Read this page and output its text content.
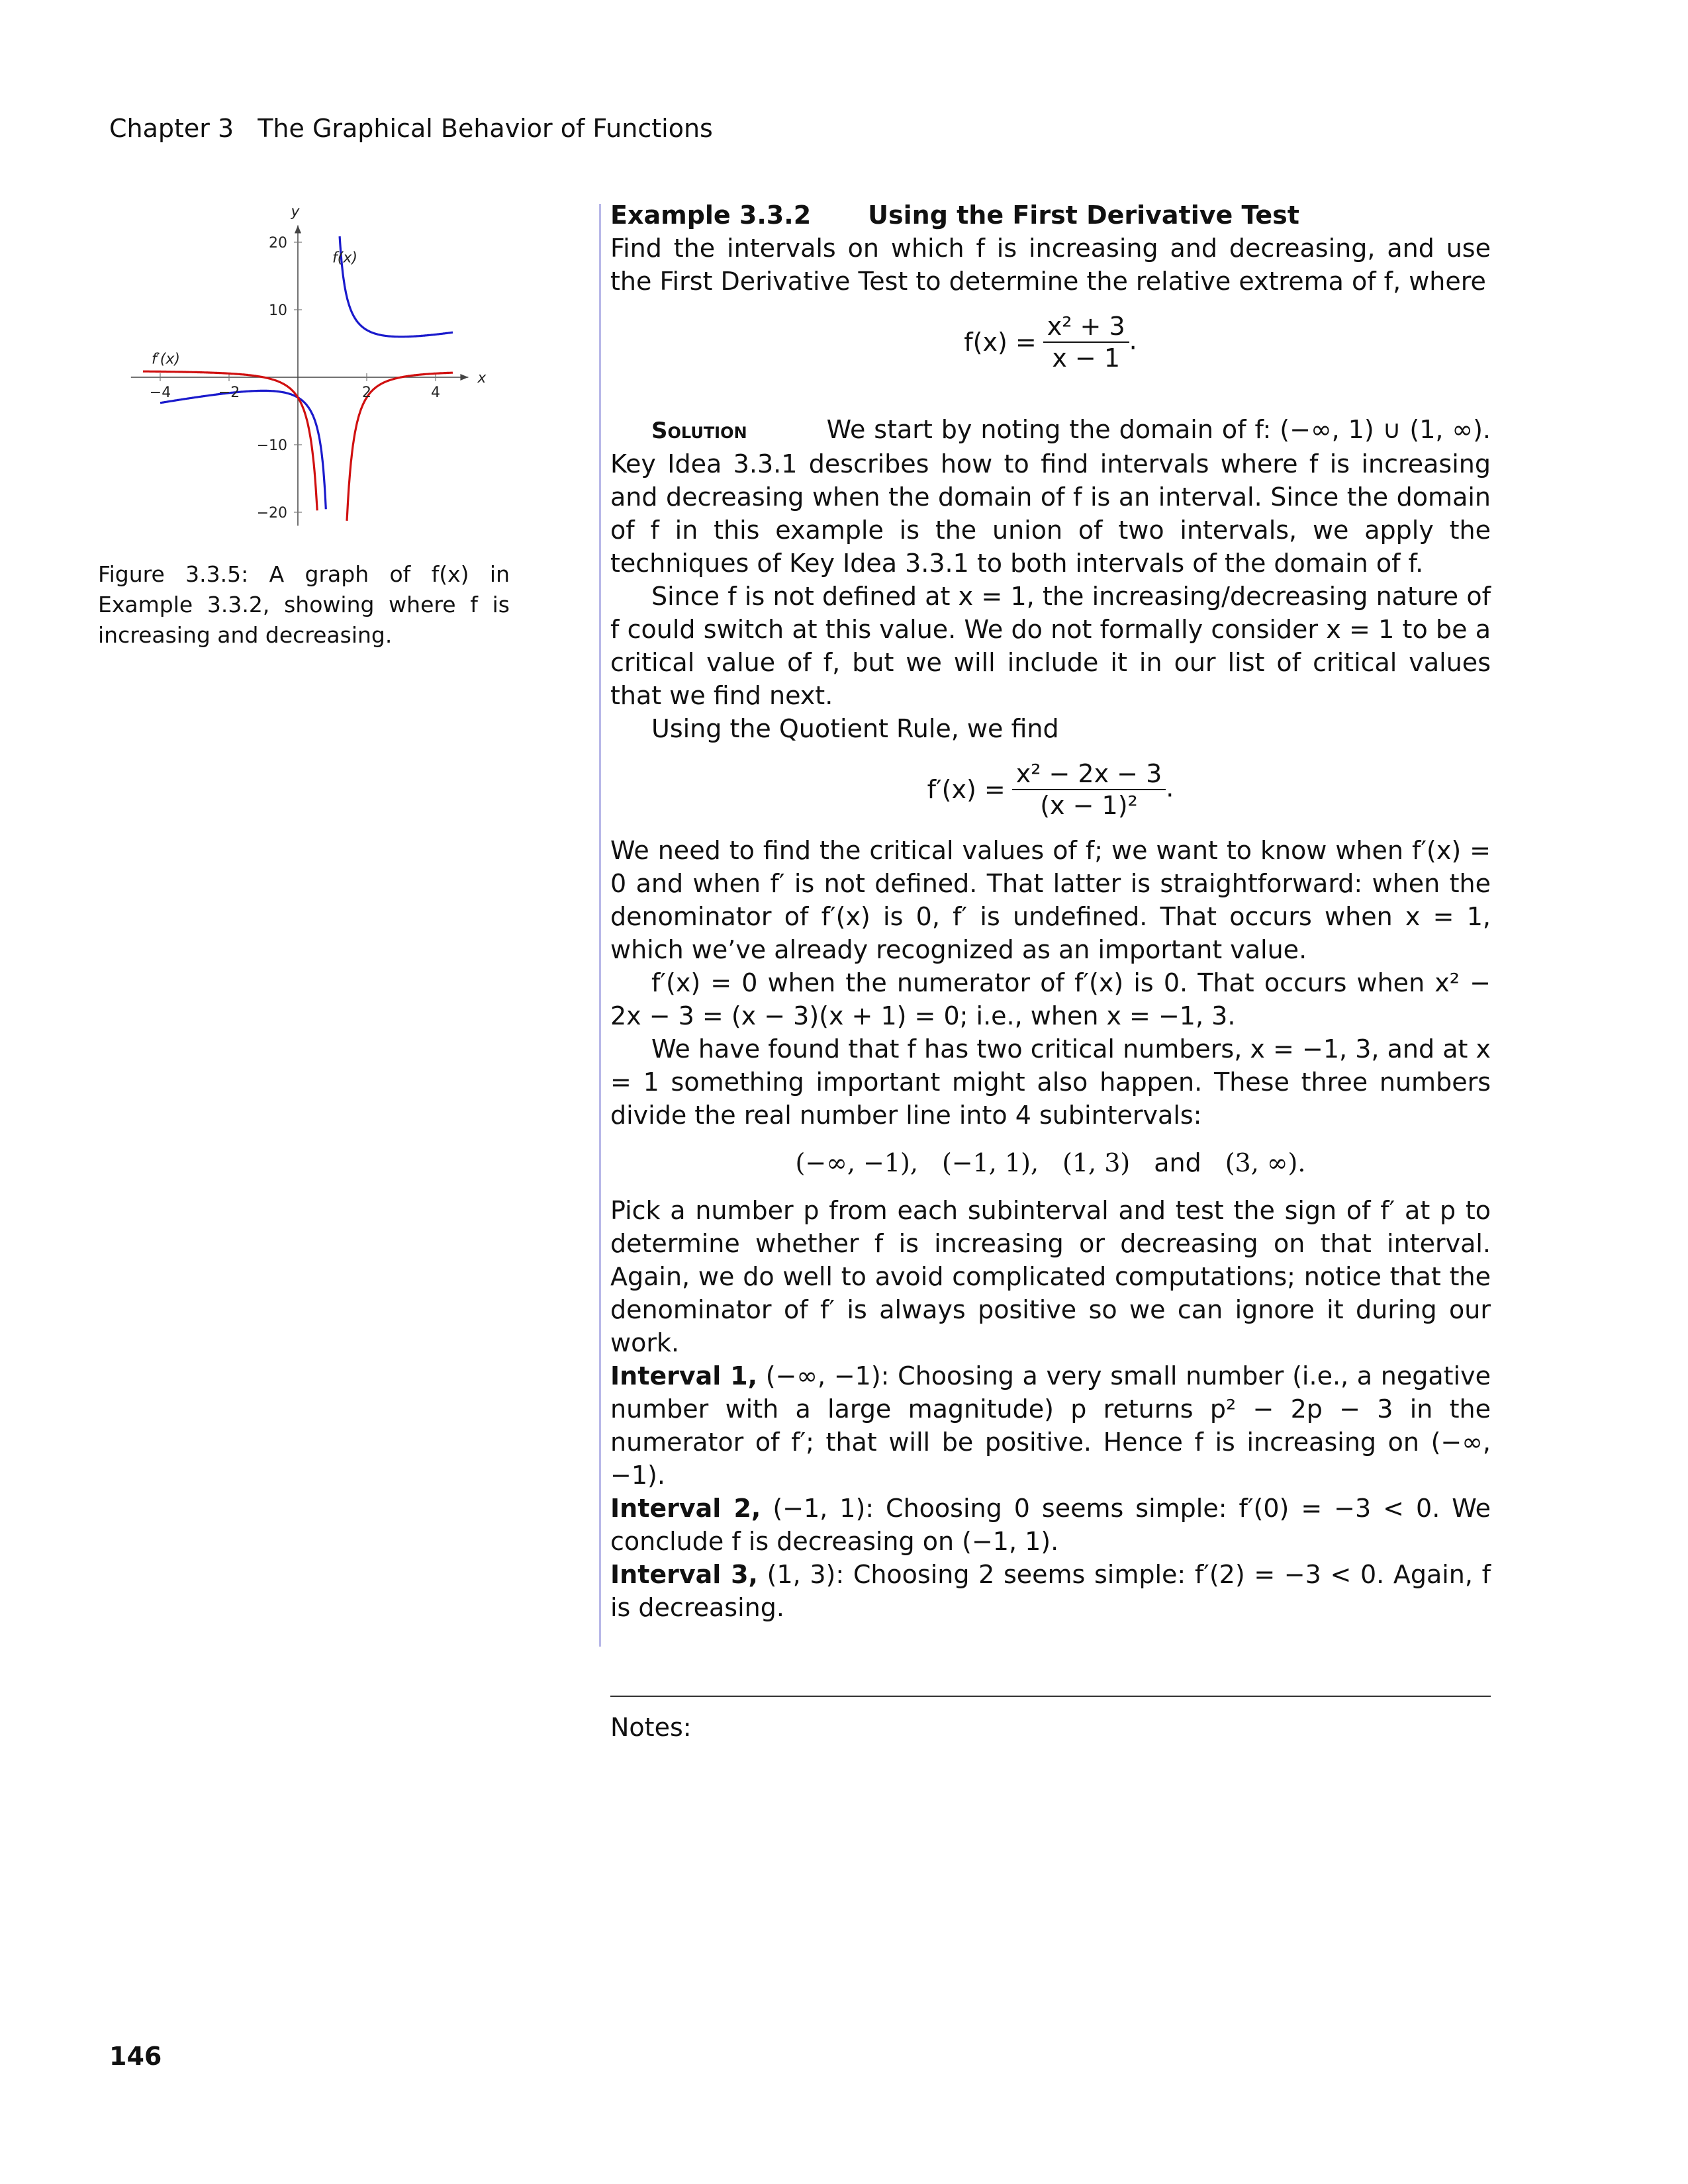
Chapter 3 The Graphical Behavior of Functions
20
10
−10
−20
−4	−2	2	4
y
x
f(x)
f′(x)
Figure 3.3.5: A graph of f(x) in Example 3.3.2, showing where f is increasing and decreasing.

Example 3.3.2 Using the First Derivative Test

Find the intervals on which f is increasing and decreasing, and use the First Derivative Test to determine the relative extrema of f, where

$f(x) = \frac{\text{x² + 3}}{x - 1}$ .

Solution	We start by noting the domain of f: (−∞, 1) ∪ (1, ∞). Key Idea 3.3.1 describes how to find intervals where f is increasing and decreasing when the domain of f is an interval. Since the domain of f in this example is the union of two intervals, we apply the techniques of Key Idea 3.3.1 to both intervals of the domain of f.

Since f is not defined at x = 1, the increasing/decreasing nature of f could switch at this value. We do not formally consider x = 1 to be a critical value of f, but we will include it in our list of critical values that we find next.

Using the Quotient Rule, we find

$f'(x) = \frac{\text{x² − 2x − 3}}{\text{(x − 1)²}}$ .

We need to find the critical values of f; we want to know when f′(x) = 0 and when f′ is not defined. That latter is straightforward: when the denominator of f′(x) is 0, f′ is undefined. That occurs when x = 1, which we’ve already recognized as an important value.

f′(x) = 0 when the numerator of f′(x) is 0. That occurs when x² − 2x − 3 = (x − 3)(x + 1) = 0; i.e., when x = −1, 3.

We have found that f has two critical numbers, x = −1, 3, and at x = 1 something important might also happen. These three numbers divide the real number line into 4 subintervals:

(−∞, −1), (−1, 1), (1, 3) and (3, ∞).

Pick a number p from each subinterval and test the sign of f′ at p to determine whether f is increasing or decreasing on that interval. Again, we do well to avoid complicated computations; notice that the denominator of f′ is always positive so we can ignore it during our work.

Interval 1, (−∞, −1): Choosing a very small number (i.e., a negative number with a large magnitude) p returns p² − 2p − 3 in the numerator of f′; that will be positive. Hence f is increasing on (−∞, −1).

Interval 2, (−1, 1): Choosing 0 seems simple: f′(0) = −3 < 0. We conclude f is decreasing on (−1, 1).

Interval 3, (1, 3): Choosing 2 seems simple: f′(2) = −3 < 0. Again, f is decreasing.

Notes:
146
